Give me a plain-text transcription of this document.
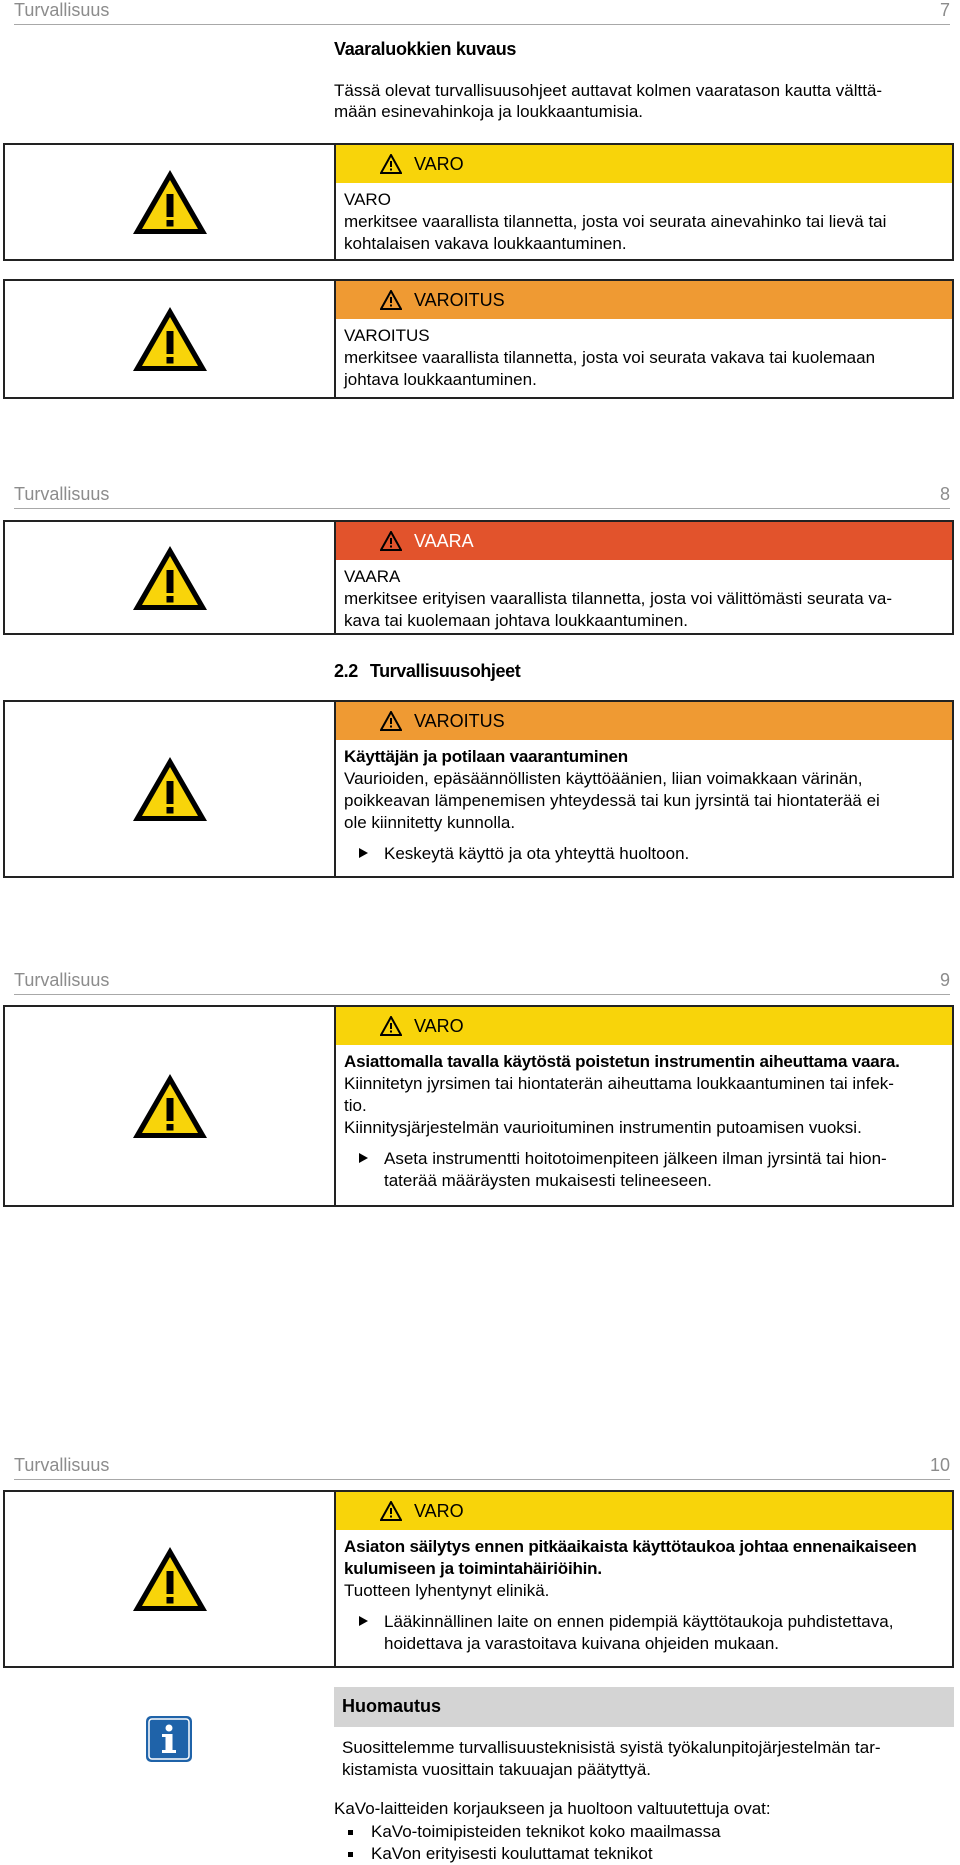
Turvallisuus	7
Vaaraluokkien kuvaus
Tässä olevat turvallisuusohjeet auttavat kolmen vaaratason kautta välttä-
mään esinevahinkoja ja loukkaantumisia.
VARO
VARO
merkitsee vaarallista tilannetta, josta voi seurata ainevahinko tai lievä tai
kohtalaisen vakava loukkaantuminen.
VAROITUS
VAROITUS
merkitsee vaarallista tilannetta, josta voi seurata vakava tai kuolemaan
johtava loukkaantuminen.
Turvallisuus	8
VAARA
VAARA
merkitsee erityisen vaarallista tilannetta, josta voi välittömästi seurata va-
kava tai kuolemaan johtava loukkaantuminen.
2.2 Turvallisuusohjeet
VAROITUS
Käyttäjän ja potilaan vaarantuminen
Vaurioiden, epäsäännöllisten käyttöäänien, liian voimakkaan värinän,
poikkeavan lämpenemisen yhteydessä tai kun jyrsintä tai hiontaterää ei
ole kiinnitetty kunnolla.
Keskeytä käyttö ja ota yhteyttä huoltoon.
Turvallisuus	9
VARO
Asiattomalla tavalla käytöstä poistetun instrumentin aiheuttama vaara.
Kiinnitetyn jyrsimen tai hiontaterän aiheuttama loukkaantuminen tai infek-
tio.
Kiinnitysjärjestelmän vaurioituminen instrumentin putoamisen vuoksi.
Aseta instrumentti hoitotoimenpiteen jälkeen ilman jyrsintä tai hion-
taterää määräysten mukaisesti telineeseen.
Turvallisuus	10
VARO
Asiaton säilytys ennen pitkäaikaista käyttötaukoa johtaa ennenaikaiseen
kulumiseen ja toimintahäiriöihin.
Tuotteen lyhentynyt elinikä.
Lääkinnällinen laite on ennen pidempiä käyttötaukoja puhdistettava,
hoidettava ja varastoitava kuivana ohjeiden mukaan.
Huomautus
Suosittelemme turvallisuusteknisistä syistä työkalunpitojärjestelmän tar-
kistamista vuosittain takuuajan päätyttyä.
KaVo-laitteiden korjaukseen ja huoltoon valtuutettuja ovat:
KaVo-toimipisteiden teknikot koko maailmassa
KaVon erityisesti kouluttamat teknikot
